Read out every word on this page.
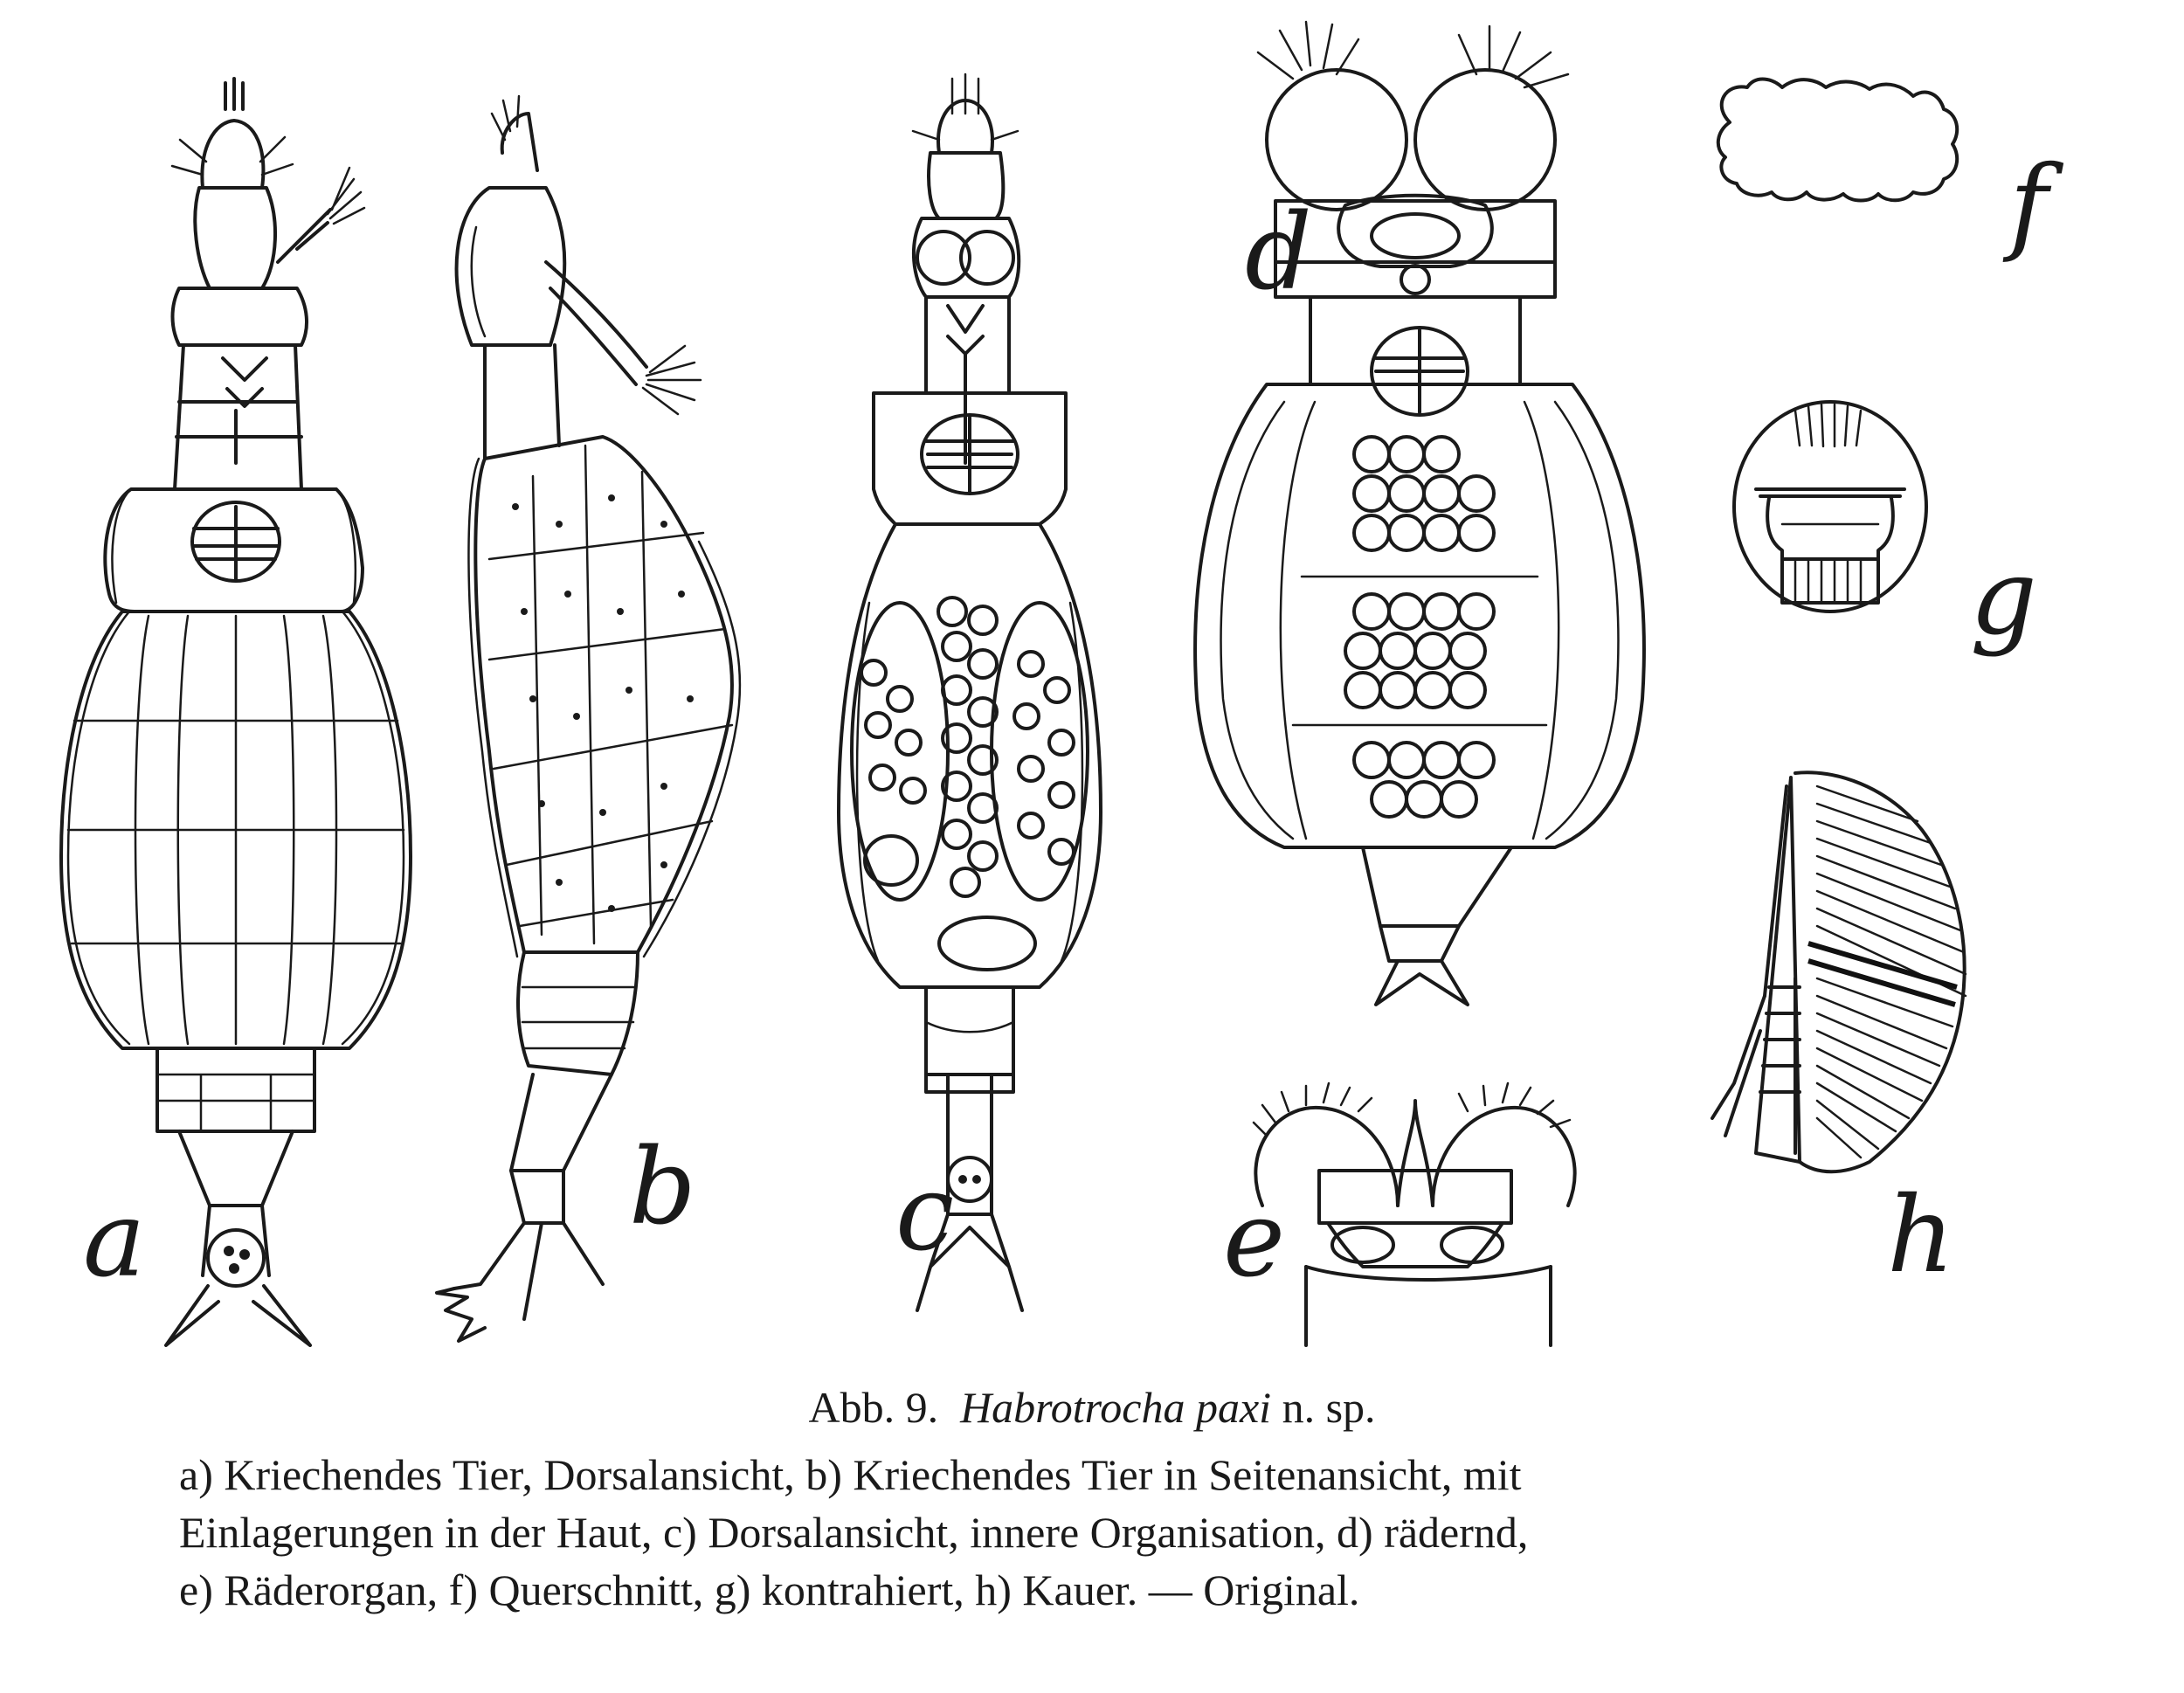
a	b c
d
e
f
g
h
Abb. 9. Habrotrocha paxi n. sp.
a) Kriechendes Tier, Dorsalansicht, b) Kriechendes Tier in Seitenansicht, mit
Einlagerungen in der Haut, c) Dorsalansicht, innere Organisation, d) rädernd,
e) Räderorgan, f) Querschnitt, g) kontrahiert, h) Kauer. — Original.
